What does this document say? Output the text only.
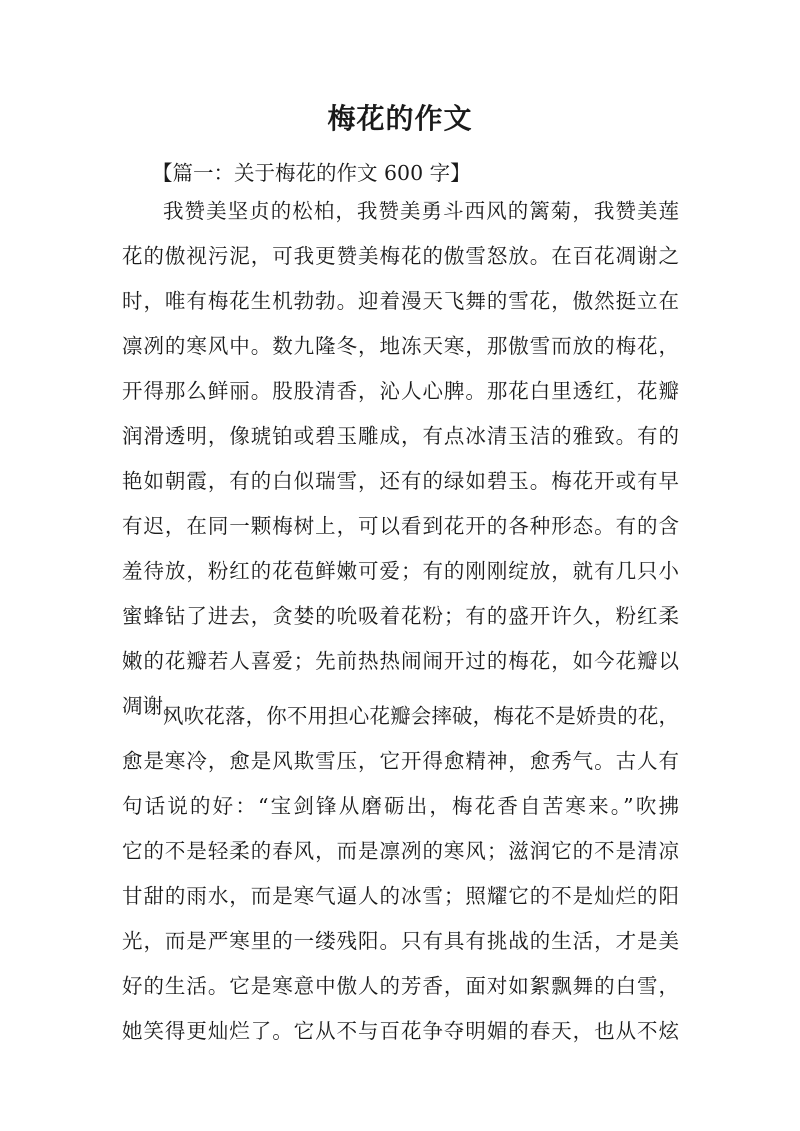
梅花的作文

【篇一：关于梅花的作文 600 字】

我赞美坚贞的松柏，我赞美勇斗西风的篱菊，我赞美莲
花的傲视污泥，可我更赞美梅花的傲雪怒放。在百花凋谢之
时，唯有梅花生机勃勃。迎着漫天飞舞的雪花，傲然挺立在
凛冽的寒风中。数九隆冬，地冻天寒，那傲雪而放的梅花，
开得那么鲜丽。股股清香，沁人心脾。那花白里透红，花瓣
润滑透明，像琥铂或碧玉雕成，有点冰清玉洁的雅致。有的
艳如朝霞，有的白似瑞雪，还有的绿如碧玉。梅花开或有早
有迟，在同一颗梅树上，可以看到花开的各种形态。有的含
羞待放，粉红的花苞鲜嫩可爱；有的刚刚绽放，就有几只小
蜜蜂钻了进去，贪婪的吮吸着花粉；有的盛开许久，粉红柔
嫩的花瓣若人喜爱；先前热热闹闹开过的梅花，如今花瓣以
凋谢。
风吹花落，你不用担心花瓣会摔破，梅花不是娇贵的花，
愈是寒冷，愈是风欺雪压，它开得愈精神，愈秀气。古人有
句话说的好：“宝剑锋从磨砺出，梅花香自苦寒来。”吹拂
它的不是轻柔的春风，而是凛冽的寒风；滋润它的不是清凉
甘甜的雨水，而是寒气逼人的冰雪；照耀它的不是灿烂的阳
光，而是严寒里的一缕残阳。只有具有挑战的生活，才是美
好的生活。它是寒意中傲人的芳香，面对如絮飘舞的白雪，
她笑得更灿烂了。它从不与百花争夺明媚的春天，也从不炫
